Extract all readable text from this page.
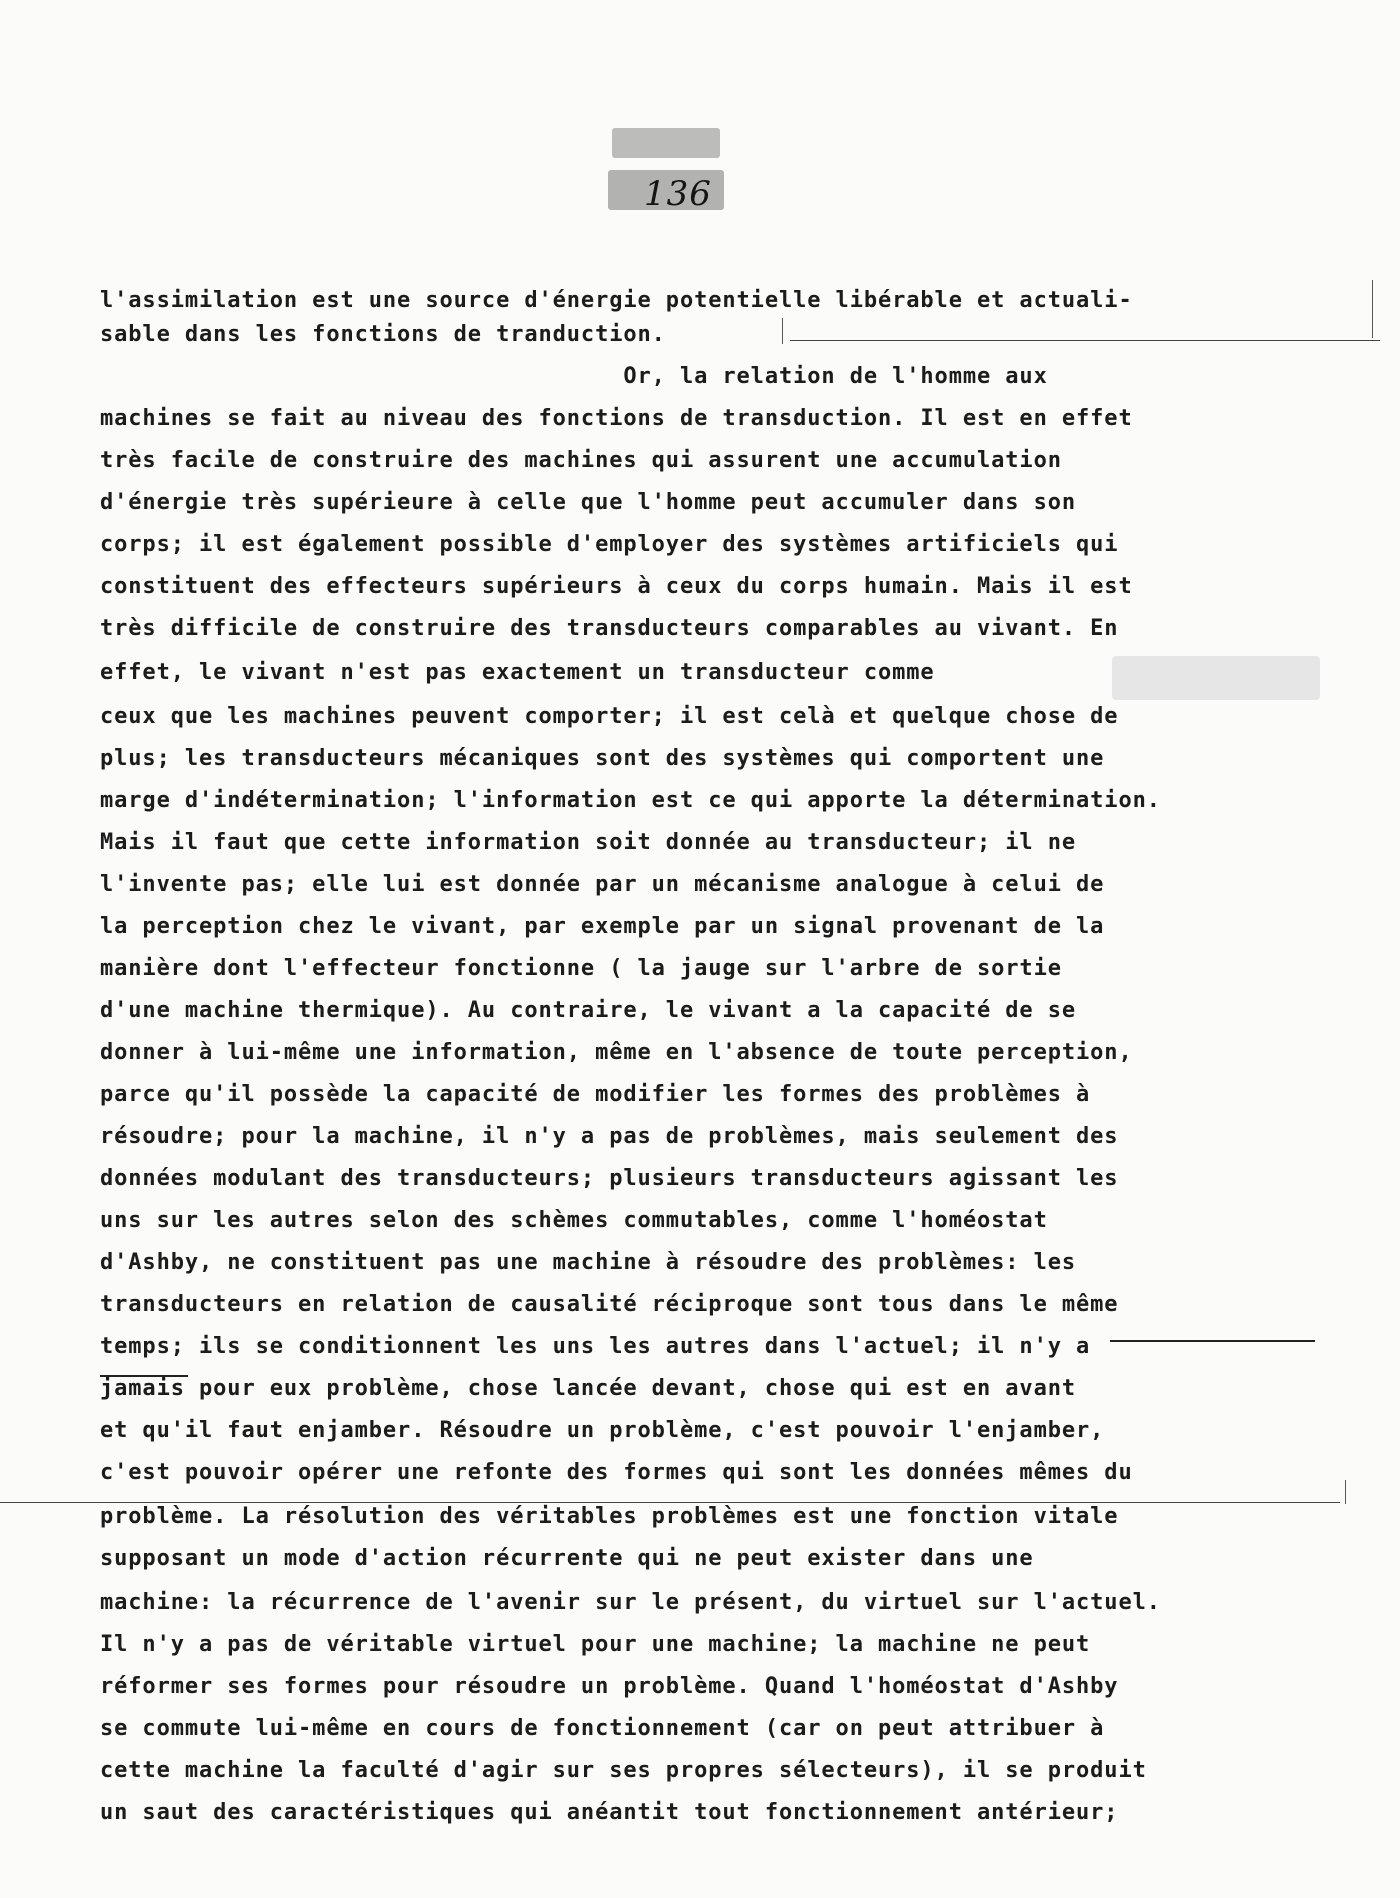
136

l'assimilation est une source d'énergie potentielle libérable et actuali-

sable dans les fonctions de tranduction.

Or, la relation de l'homme aux

machines se fait au niveau des fonctions de transduction. Il est en effet

très facile de construire des machines qui assurent une accumulation

d'énergie très supérieure à celle que l'homme peut accumuler dans son

corps; il est également possible d'employer des systèmes artificiels qui

constituent des effecteurs supérieurs à ceux du corps humain. Mais il est

très difficile de construire des transducteurs comparables au vivant. En

effet, le vivant n'est pas exactement un transducteur comme

ceux que les machines peuvent comporter; il est celà et quelque chose de

plus; les transducteurs mécaniques sont des systèmes qui comportent une

marge d'indétermination; l'information est ce qui apporte la détermination.

Mais il faut que cette information soit donnée au transducteur; il ne

l'invente pas; elle lui est donnée par un mécanisme analogue à celui de

la perception chez le vivant, par exemple par un signal provenant de la

manière dont l'effecteur fonctionne ( la jauge sur l'arbre de sortie

d'une machine thermique). Au contraire, le vivant a la capacité de se

donner à lui-même une information, même en l'absence de toute perception,

parce qu'il possède la capacité de modifier les formes des problèmes à

résoudre; pour la machine, il n'y a pas de problèmes, mais seulement des

données modulant des transducteurs; plusieurs transducteurs agissant les

uns sur les autres selon des schèmes commutables, comme l'homéostat

d'Ashby, ne constituent pas une machine à résoudre des problèmes: les

transducteurs en relation de causalité réciproque sont tous dans le même

temps; ils se conditionnent les uns les autres dans l'actuel; il n'y a

jamais pour eux problème, chose lancée devant, chose qui est en avant

et qu'il faut enjamber. Résoudre un problème, c'est pouvoir l'enjamber,

c'est pouvoir opérer une refonte des formes qui sont les données mêmes du

problème. La résolution des véritables problèmes est une fonction vitale

supposant un mode d'action récurrente qui ne peut exister dans une

machine: la récurrence de l'avenir sur le présent, du virtuel sur l'actuel.

Il n'y a pas de véritable virtuel pour une machine; la machine ne peut

réformer ses formes pour résoudre un problème. Quand l'homéostat d'Ashby

se commute lui-même en cours de fonctionnement (car on peut attribuer à

cette machine la faculté d'agir sur ses propres sélecteurs), il se produit

un saut des caractéristiques qui anéantit tout fonctionnement antérieur;
